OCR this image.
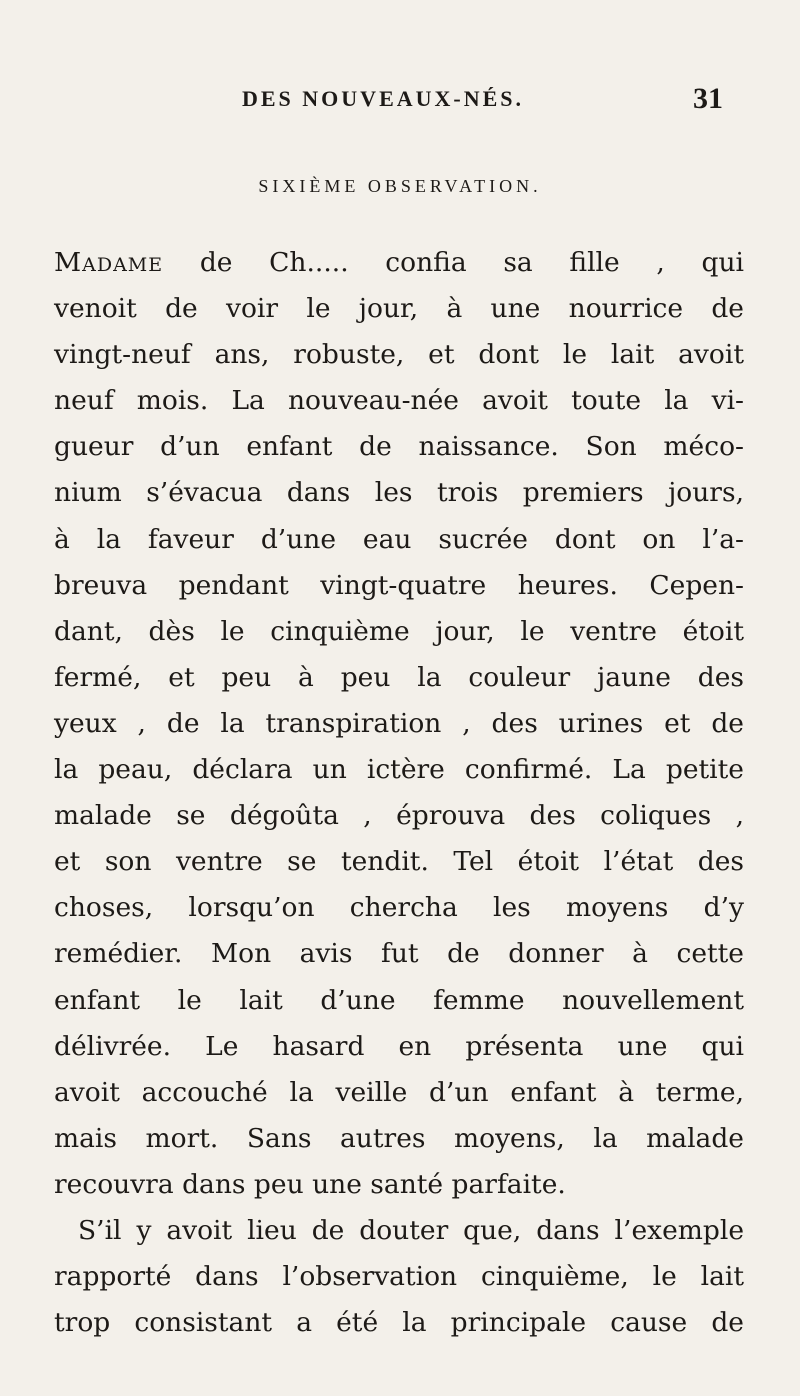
DES NOUVEAUX-NÉS.	31
SIXIÈME OBSERVATION.
Madame de Ch..... confia sa fille , qui
venoit de voir le jour, à une nourrice de
vingt-neuf ans, robuste, et dont le lait avoit
neuf mois. La nouveau-née avoit toute la vi-
gueur d’un enfant de naissance. Son méco-
nium s’évacua dans les trois premiers jours,
à la faveur d’une eau sucrée dont on l’a-
breuva pendant vingt-quatre heures. Cepen-
dant, dès le cinquième jour, le ventre étoit
fermé, et peu à peu la couleur jaune des
yeux , de la transpiration , des urines et de
la peau, déclara un ictère confirmé. La petite
malade se dégoûta , éprouva des coliques ,
et son ventre se tendit. Tel étoit l’état des
choses, lorsqu’on chercha les moyens d’y
remédier. Mon avis fut de donner à cette
enfant le lait d’une femme nouvellement
délivrée. Le hasard en présenta une qui
avoit accouché la veille d’un enfant à terme,
mais mort. Sans autres moyens, la malade
recouvra dans peu une santé parfaite.
S’il y avoit lieu de douter que, dans l’exemple
rapporté dans l’observation cinquième, le lait
trop consistant a été la principale cause de
